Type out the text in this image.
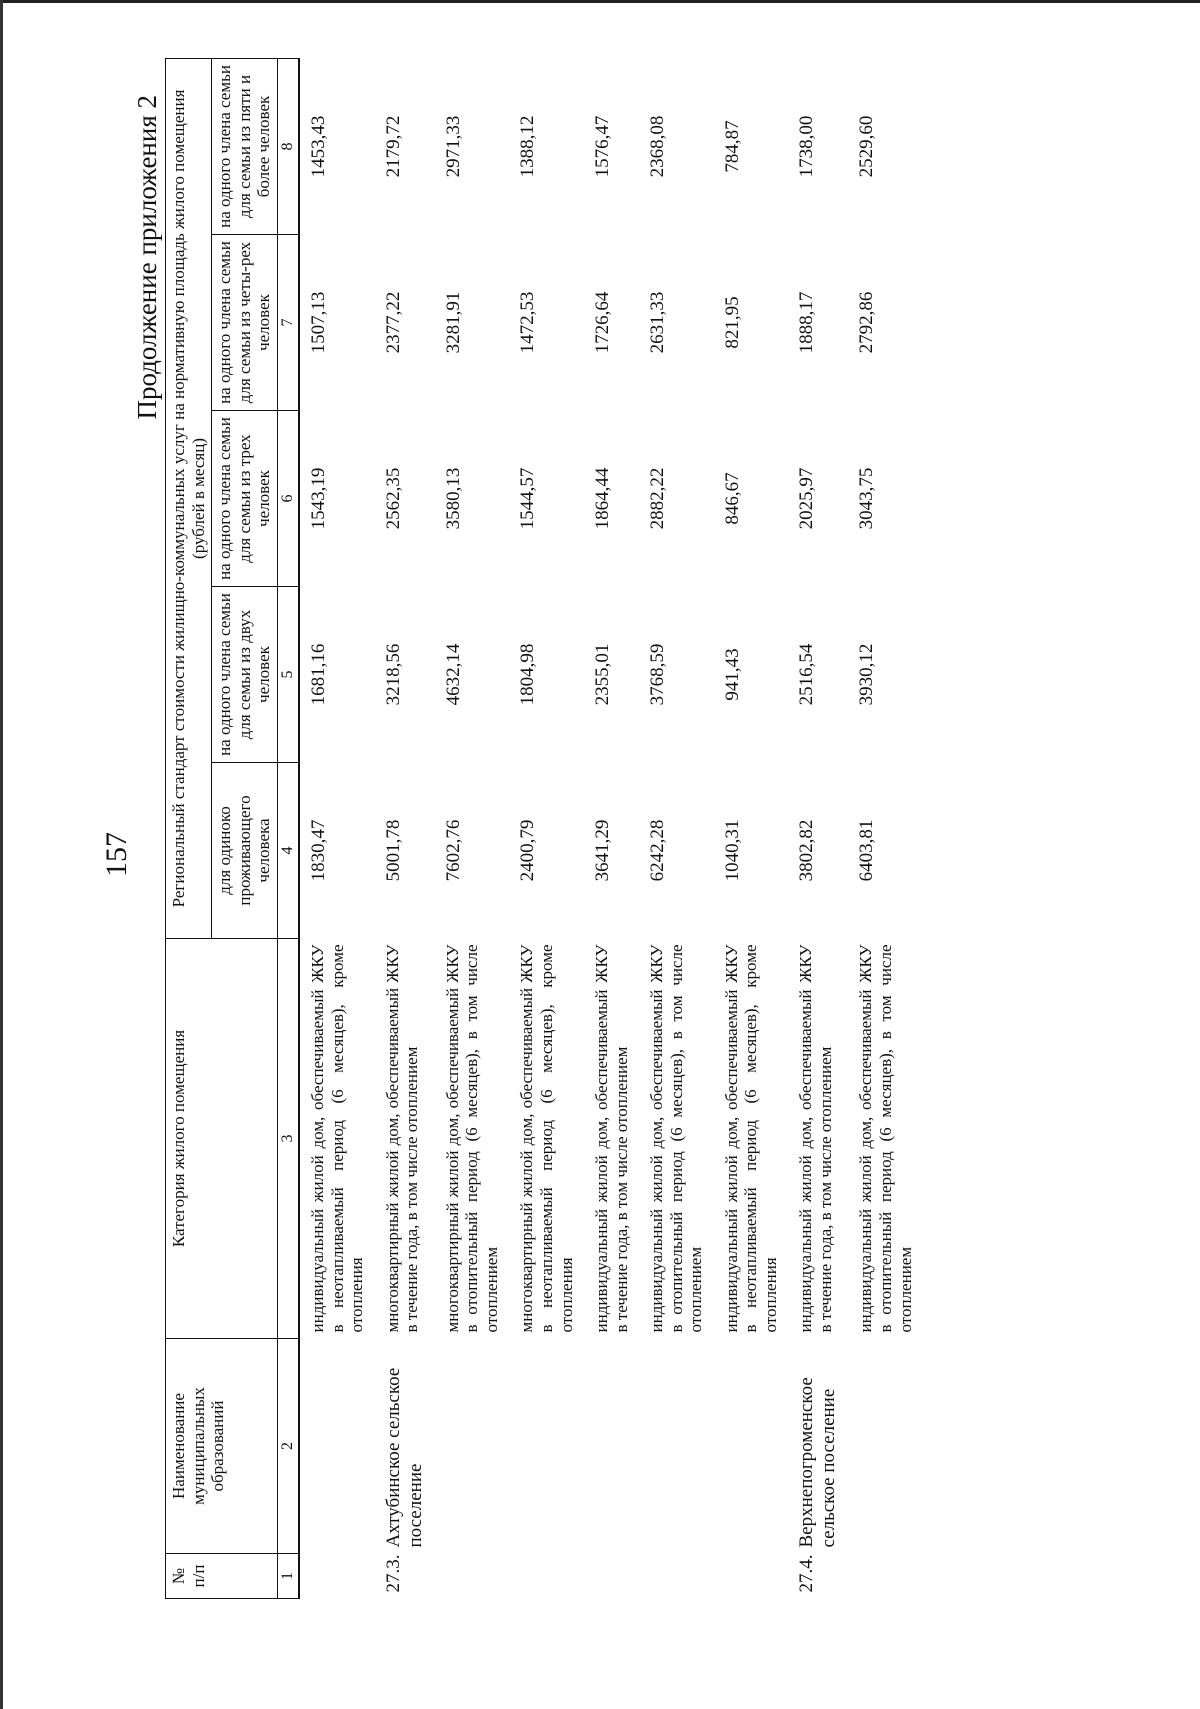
157
Продолжение приложения 2
№ п/п	Наименование муниципальных образований	Категория жилого помещения	Региональный стандарт стоимости жилищно-коммунальных услуг на нормативную площадь жилого помещения (рублей в месяц)				
			для одиноко проживающего человека	на одного члена семьи для семьи из двух человек	на одного члена семьи для семьи из трех человек	на одного члена семьи для семьи из четы-рех человек	на одного члена семьи для семьи из пяти и более человек
1	2	3	4	5	6	7	8
		индивидуальный жилой дом, обеспечиваемый ЖКУ в неотапливаемый период (6 месяцев), кроме отопления	1830,47	1681,16	1543,19	1507,13	1453,43
27.3.	Ахтубинское сельское поселение	многоквартирный жилой дом, обеспечиваемый ЖКУ в течение года, в том числе отоплением	5001,78	3218,56	2562,35	2377,22	2179,72
		многоквартирный жилой дом, обеспечиваемый ЖКУ в отопительный период (6 месяцев), в том числе отоплением	7602,76	4632,14	3580,13	3281,91	2971,33
		многоквартирный жилой дом, обеспечиваемый ЖКУ в неотапливаемый период (6 месяцев), кроме отопления	2400,79	1804,98	1544,57	1472,53	1388,12
		индивидуальный жилой дом, обеспечиваемый ЖКУ в течение года, в том числе отоплением	3641,29	2355,01	1864,44	1726,64	1576,47
		индивидуальный жилой дом, обеспечиваемый ЖКУ в отопительный период (6 месяцев), в том числе отоплением	6242,28	3768,59	2882,22	2631,33	2368,08
		индивидуальный жилой дом, обеспечиваемый ЖКУ в неотапливаемый период (6 месяцев), кроме отопления	1040,31	941,43	846,67	821,95	784,87
27.4.	Верхнепогроменское сельское поселение	индивидуальный жилой дом, обеспечиваемый ЖКУ в течение года, в том числе отоплением	3802,82	2516,54	2025,97	1888,17	1738,00
		индивидуальный жилой дом, обеспечиваемый ЖКУ в отопительный период (6 месяцев), в том числе отоплением	6403,81	3930,12	3043,75	2792,86	2529,60
